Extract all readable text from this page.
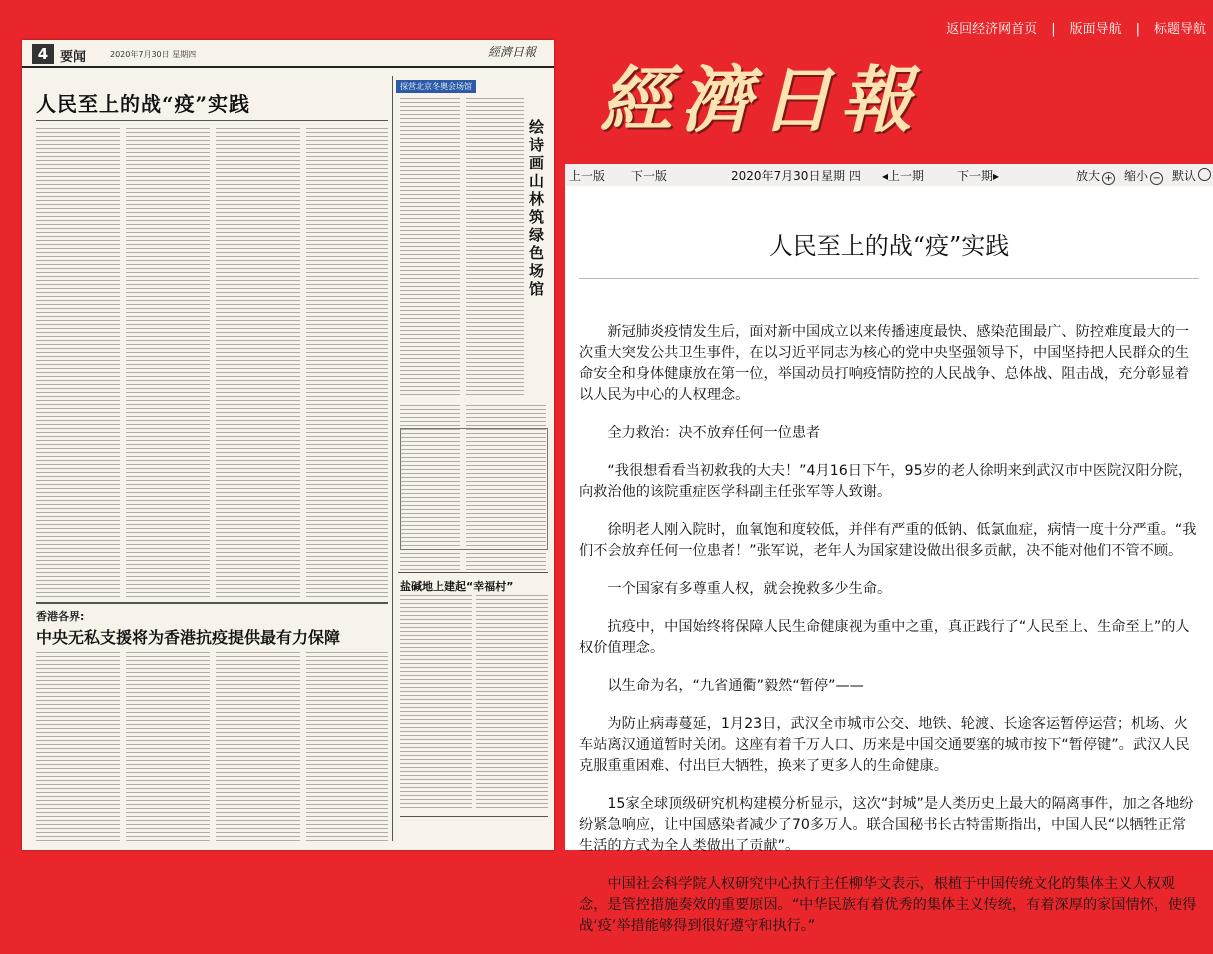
4 要闻	2020年7月30日 星期四	經濟日報
人民至上的战“疫”实践
探营北京冬奥会场馆
绘诗画山林 筑绿色场馆
盐碱地上建起“幸福村”
香港各界:
中央无私支援将为香港抗疫提供最有力保障
返回经济网首页 | 版面导航 | 标题导航
經濟日報
上一版 下一版	2020年7月30日 星期 四 ◂上一期	下一期▸	放大 + 缩小 − 默认
人民至上的战“疫”实践

新冠肺炎疫情发生后，面对新中国成立以来传播速度最快、感染范围最广、防控难度最大的一次重大突发公共卫生事件，在以习近平同志为核心的党中央坚强领导下，中国坚持把人民群众的生命安全和身体健康放在第一位，举国动员打响疫情防控的人民战争、总体战、阻击战，充分彰显着以人民为中心的人权理念。

全力救治：决不放弃任何一位患者

“我很想看看当初救我的大夫！”4月16日下午，95岁的老人徐明来到武汉市中医院汉阳分院，向救治他的该院重症医学科副主任张军等人致谢。

徐明老人刚入院时，血氧饱和度较低，并伴有严重的低钠、低氯血症，病情一度十分严重。“我们不会放弃任何一位患者！”张军说，老年人为国家建设做出很多贡献，决不能对他们不管不顾。

一个国家有多尊重人权，就会挽救多少生命。

抗疫中，中国始终将保障人民生命健康视为重中之重，真正践行了“人民至上、生命至上”的人权价值理念。

以生命为名，“九省通衢”毅然“暂停”——

为防止病毒蔓延，1月23日，武汉全市城市公交、地铁、轮渡、长途客运暂停运营；机场、火车站离汉通道暂时关闭。这座有着千万人口、历来是中国交通要塞的城市按下“暂停键”。武汉人民克服重重困难、付出巨大牺牲，换来了更多人的生命健康。

15家全球顶级研究机构建模分析显示，这次“封城”是人类历史上最大的隔离事件，加之各地纷纷紧急响应，让中国感染者减少了70多万人。联合国秘书长古特雷斯指出，中国人民“以牺牲正常生活的方式为全人类做出了贡献”。

中国社会科学院人权研究中心执行主任柳华文表示，根植于中国传统文化的集体主义人权观念，是管控措施奏效的重要原因。“中华民族有着优秀的集体主义传统，有着深厚的家国情怀，使得战‘疫’举措能够得到很好遵守和执行。”
